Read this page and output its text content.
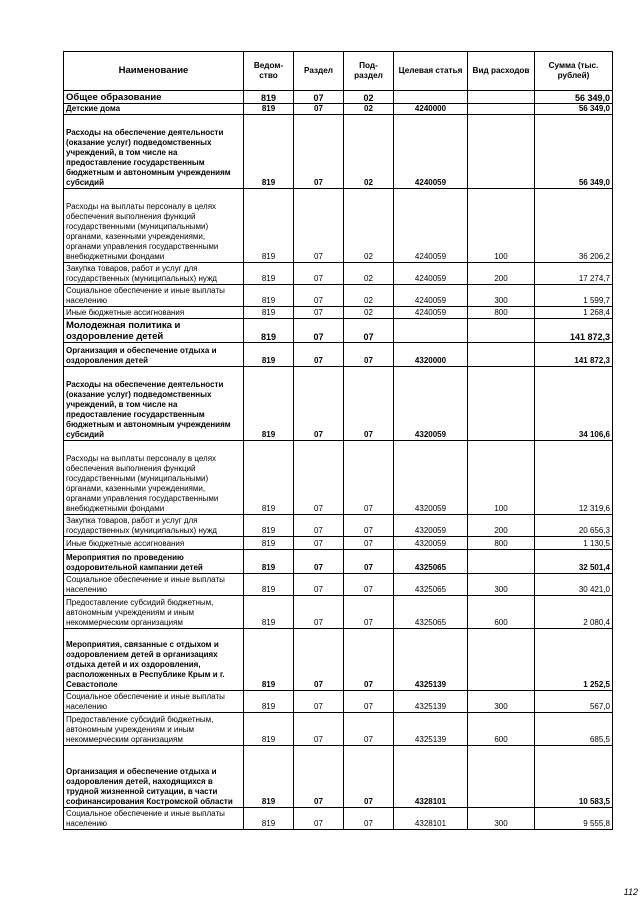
Наименование	Ведом-ство	Раздел	Под-раздел	Целевая статья	Вид расходов	Сумма (тыс. рублей)
Общее образование	819	07	02			56 349,0
Детские дома	819	07	02	4240000		56 349,0
Расходы на обеспечение деятельности (оказание услуг) подведомственных учреждений, в том числе на предоставление государственным бюджетным и автономным учреждениям субсидий	819	07	02	4240059		56 349,0
Расходы на выплаты персоналу в целях обеспечения выполнения функций государственными (муниципальными) органами, казенными учреждениями, органами управления государственными внебюджетными фондами	819	07	02	4240059	100	36 206,2
Закупка товаров, работ и услуг для государственных (муниципальных) нужд	819	07	02	4240059	200	17 274,7
Социальное обеспечение и иные выплаты населению	819	07	02	4240059	300	1 599,7
Иные бюджетные ассигнования	819	07	02	4240059	800	1 268,4
Молодежная политика и оздоровление детей	819	07	07			141 872,3
Организация и обеспечение отдыха и оздоровления детей	819	07	07	4320000		141 872,3
Расходы на обеспечение деятельности (оказание услуг) подведомственных учреждений, в том числе на предоставление государственным бюджетным и автономным учреждениям субсидий	819	07	07	4320059		34 106,6
Расходы на выплаты персоналу в целях обеспечения выполнения функций государственными (муниципальными) органами, казенными учреждениями, органами управления государственными внебюджетными фондами	819	07	07	4320059	100	12 319,6
Закупка товаров, работ и услуг для государственных (муниципальных) нужд	819	07	07	4320059	200	20 656,3
Иные бюджетные ассигнования	819	07	07	4320059	800	1 130,5
Мероприятия по проведению оздоровительной кампании детей	819	07	07	4325065		32 501,4
Социальное обеспечение и иные выплаты населению	819	07	07	4325065	300	30 421,0
Предоставление субсидий бюджетным, автономным учреждениям и иным некоммерческим организациям	819	07	07	4325065	600	2 080,4
Мероприятия, связанные с отдыхом и оздоровлением детей в организациях отдыха детей и их оздоровления, расположенных в Республике Крым и г. Севастополе	819	07	07	4325139		1 252,5
Социальное обеспечение и иные выплаты населению	819	07	07	4325139	300	567,0
Предоставление субсидий бюджетным, автономным учреждениям и иным некоммерческим организациям	819	07	07	4325139	600	685,5
Организация и обеспечение отдыха и оздоровления детей, находящихся в трудной жизненной ситуации, в части софинансирования Костромской области	819	07	07	4328101		10 583,5
Социальное обеспечение и иные выплаты населению	819	07	07	4328101	300	9 555,8
112
